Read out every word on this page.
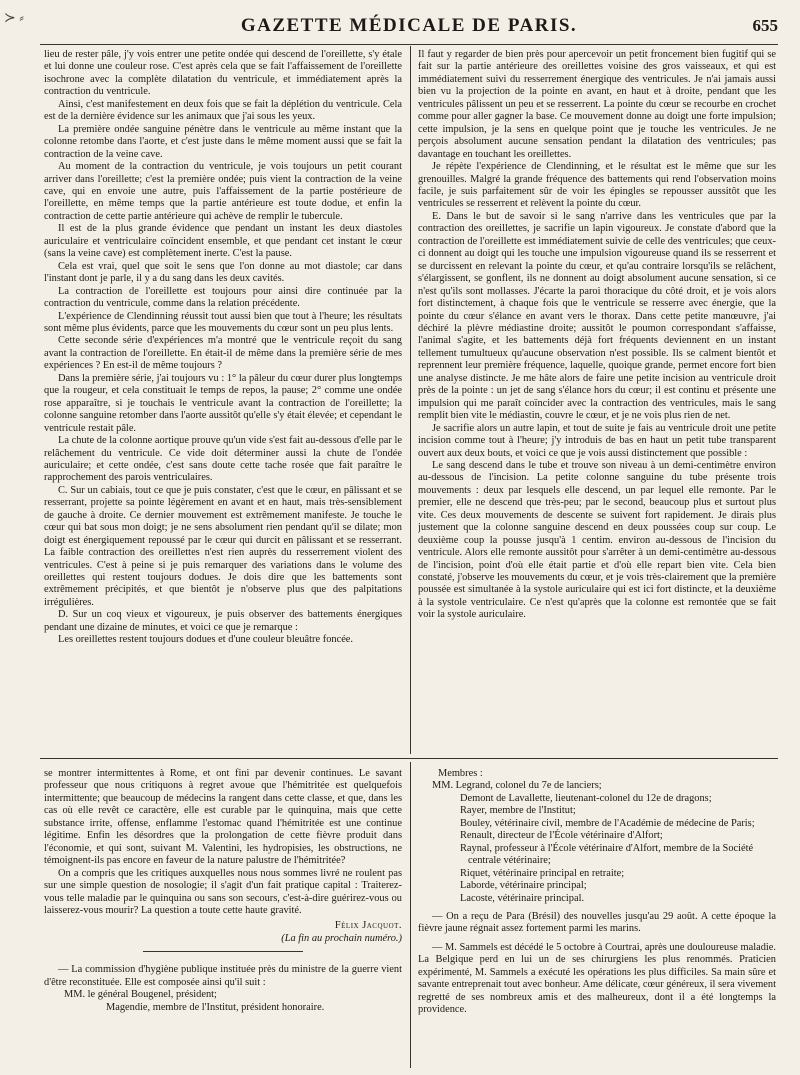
≻ ⸗	GAZETTE MÉDICALE DE PARIS.	655

lieu de rester pâle, j'y vois entrer une petite ondée qui descend de l'oreillette, s'y étale et lui donne une couleur rose. C'est après cela que se fait l'affaissement de l'oreillette isochrone avec la complète dilatation du ventricule, et immédiatement après la contraction du ventricule.

Ainsi, c'est manifestement en deux fois que se fait la déplétion du ventricule. Cela est de la dernière évidence sur les animaux que j'ai sous les yeux.

La première ondée sanguine pénètre dans le ventricule au même instant que la colonne retombe dans l'aorte, et c'est juste dans le même moment aussi que se fait la contraction de la veine cave.

Au moment de la contraction du ventricule, je vois toujours un petit courant arriver dans l'oreillette; c'est la première ondée; puis vient la contraction de la veine cave, qui en envoie une autre, puis l'affaissement de la partie postérieure de l'oreillette, en même temps que la partie antérieure est toute dodue, et enfin la contraction de cette partie antérieure qui achève de remplir le tubercule.

Il est de la plus grande évidence que pendant un instant les deux diastoles auriculaire et ventriculaire coïncident ensemble, et que pendant cet instant le cœur (sans la veine cave) est complètement inerte. C'est la pause.

Cela est vrai, quel que soit le sens que l'on donne au mot diastole; car dans l'instant dont je parle, il y a du sang dans les deux cavités.

La contraction de l'oreillette est toujours pour ainsi dire continuée par la contraction du ventricule, comme dans la relation précédente.

L'expérience de Clendinning réussit tout aussi bien que tout à l'heure; les résultats sont même plus évidents, parce que les mouvements du cœur sont un peu plus lents.

Cette seconde série d'expériences m'a montré que le ventricule reçoit du sang avant la contraction de l'oreillette. En était-il de même dans la première série de mes expériences ? En est-il de même toujours ?

Dans la première série, j'ai toujours vu : 1° la pâleur du cœur durer plus longtemps que la rougeur, et cela constituait le temps de repos, la pause; 2° comme une ondée rose apparaître, si je touchais le ventricule avant la contraction de l'oreillette; la colonne sanguine retomber dans l'aorte aussitôt qu'elle s'y était élevée; et cependant le ventricule restait pâle.

La chute de la colonne aortique prouve qu'un vide s'est fait au-dessous d'elle par le relâchement du ventricule. Ce vide doit déterminer aussi la chute de l'ondée auriculaire; et cette ondée, c'est sans doute cette tache rosée que fait paraître le rapprochement des parois ventriculaires.

C. Sur un cabiais, tout ce que je puis constater, c'est que le cœur, en pâlissant et se resserrant, projette sa pointe légèrement en avant et en haut, mais très-sensiblement de gauche à droite. Ce dernier mouvement est extrêmement manifeste. Je touche le cœur qui bat sous mon doigt; je ne sens absolument rien pendant qu'il se dilate; mon doigt est énergiquement repoussé par le cœur qui durcit en pâlissant et se resserrant. La faible contraction des oreillettes n'est rien auprès du resserrement violent des ventricules. C'est à peine si je puis remarquer des variations dans le volume des oreillettes qui restent toujours dodues. Je dois dire que les battements sont extrêmement précipités, et que bientôt je n'observe plus que des palpitations irrégulières.

D. Sur un coq vieux et vigoureux, je puis observer des battements énergiques pendant une dizaine de minutes, et voici ce que je remarque :

Les oreillettes restent toujours dodues et d'une couleur bleuâtre foncée.

Il faut y regarder de bien près pour apercevoir un petit froncement bien fugitif qui se fait sur la partie antérieure des oreillettes voisine des gros vaisseaux, et qui est immédiatement suivi du resserrement énergique des ventricules. Je n'ai jamais aussi bien vu la projection de la pointe en avant, en haut et à droite, pendant que les ventricules pâlissent un peu et se resserrent. La pointe du cœur se recourbe en crochet comme pour aller gagner la base. Ce mouvement donne au doigt une forte impulsion; cette impulsion, je la sens en quelque point que je touche les ventricules. Je ne perçois absolument aucune sensation pendant la dilatation des ventricules; pas davantage en touchant les oreillettes.

Je répète l'expérience de Clendinning, et le résultat est le même que sur les grenouilles. Malgré la grande fréquence des battements qui rend l'observation moins facile, je suis parfaitement sûr de voir les épingles se repousser aussitôt que les ventricules se resserrent et relèvent la pointe du cœur.

E. Dans le but de savoir si le sang n'arrive dans les ventricules que par la contraction des oreillettes, je sacrifie un lapin vigoureux. Je constate d'abord que la contraction de l'oreillette est immédiatement suivie de celle des ventricules; que ceux-ci donnent au doigt qui les touche une impulsion vigoureuse quand ils se resserrent et se durcissent en relevant la pointe du cœur, et qu'au contraire lorsqu'ils se relâchent, s'élargissent, se gonflent, ils ne donnent au doigt absolument aucune sensation, si ce n'est qu'ils sont mollasses. J'écarte la paroi thoracique du côté droit, et je vois alors fort distinctement, à chaque fois que le ventricule se resserre avec énergie, que la pointe du cœur s'élance en avant vers le thorax. Dans cette petite manœuvre, j'ai déchiré la plèvre médiastine droite; aussitôt le poumon correspondant s'affaisse, l'animal s'agite, et les battements déjà fort fréquents deviennent en un instant tellement tumultueux qu'aucune observation n'est possible. Ils se calment bientôt et reprennent leur première fréquence, laquelle, quoique grande, permet encore fort bien une analyse distincte. Je me hâte alors de faire une petite incision au ventricule droit près de la pointe : un jet de sang s'élance hors du cœur; il est continu et présente une impulsion qui me paraît coïncider avec la contraction des ventricules, mais le sang remplit bien vite le médiastin, couvre le cœur, et je ne vois plus rien de net.

Je sacrifie alors un autre lapin, et tout de suite je fais au ventricule droit une petite incision comme tout à l'heure; j'y introduis de bas en haut un petit tube transparent ouvert aux deux bouts, et voici ce que je vois aussi distinctement que possible :

Le sang descend dans le tube et trouve son niveau à un demi-centimètre environ au-dessous de l'incision. La petite colonne sanguine du tube présente trois mouvements : deux par lesquels elle descend, un par lequel elle remonte. Par le premier, elle ne descend que très-peu; par le second, beaucoup plus et surtout plus vite. Ces deux mouvements de descente se suivent fort rapidement. Je dirais plus justement que la colonne sanguine descend en deux poussées coup sur coup. Le deuxième coup la pousse jusqu'à 1 centim. environ au-dessous de l'incision du ventricule. Alors elle remonte aussitôt pour s'arrêter à un demi-centimètre au-dessous de l'incision, point d'où elle était partie et d'où elle repart bien vite. Cela bien constaté, j'observe les mouvements du cœur, et je vois très-clairement que la première poussée est simultanée à la systole auriculaire qui est ici fort distincte, et la deuxième à la systole ventriculaire. Ce n'est qu'après que la colonne est remontée que se fait voir la systole auriculaire.

se montrer intermittentes à Rome, et ont fini par devenir continues. Le savant professeur que nous critiquons à regret avoue que l'hémitritée est quelquefois intermittente; que beaucoup de médecins la rangent dans cette classe, et que, dans les cas où elle revêt ce caractère, elle est curable par le quinquina, mais que cette substance irrite, offense, enflamme l'estomac quand l'hémitritée est une continue légitime. Enfin les désordres que la prolongation de cette fièvre produit dans l'économie, et qui sont, suivant M. Valentini, les hydropisies, les obstructions, ne témoignent-ils pas encore en faveur de la nature palustre de l'hémitritée?

On a compris que les critiques auxquelles nous nous sommes livré ne roulent pas sur une simple question de nosologie; il s'agit d'un fait pratique capital : Traiterez-vous telle maladie par le quinquina ou sans son secours, c'est-à-dire guérirez-vous ou laisserez-vous mourir? La question a toute cette haute gravité.

Félix Jacquot.

(La fin au prochain numéro.)

— La commission d'hygiène publique instituée près du ministre de la guerre vient d'être reconstituée. Elle est composée ainsi qu'il suit :

MM. le général Bougenel, président;

Magendie, membre de l'Institut, président honoraire.

Membres :

MM. Legrand, colonel du 7e de lanciers;
Demont de Lavallette, lieutenant-colonel du 12e de dragons;
Rayer, membre de l'Institut;
Bouley, vétérinaire civil, membre de l'Académie de médecine de Paris;
Renault, directeur de l'École vétérinaire d'Alfort;
Raynal, professeur à l'École vétérinaire d'Alfort, membre de la Société centrale vétérinaire;
Riquet, vétérinaire principal en retraite;
Laborde, vétérinaire principal;
Lacoste, vétérinaire principal.

— On a reçu de Para (Brésil) des nouvelles jusqu'au 29 août. A cette époque la fièvre jaune régnait assez fortement parmi les marins.

— M. Sammels est décédé le 5 octobre à Courtrai, après une douloureuse maladie. La Belgique perd en lui un de ses chirurgiens les plus renommés. Praticien expérimenté, M. Sammels a exécuté les opérations les plus difficiles. Sa main sûre et savante entreprenait tout avec bonheur. Ame délicate, cœur généreux, il sera vivement regretté de ses nombreux amis et des malheureux, dont il a été longtemps la providence.
